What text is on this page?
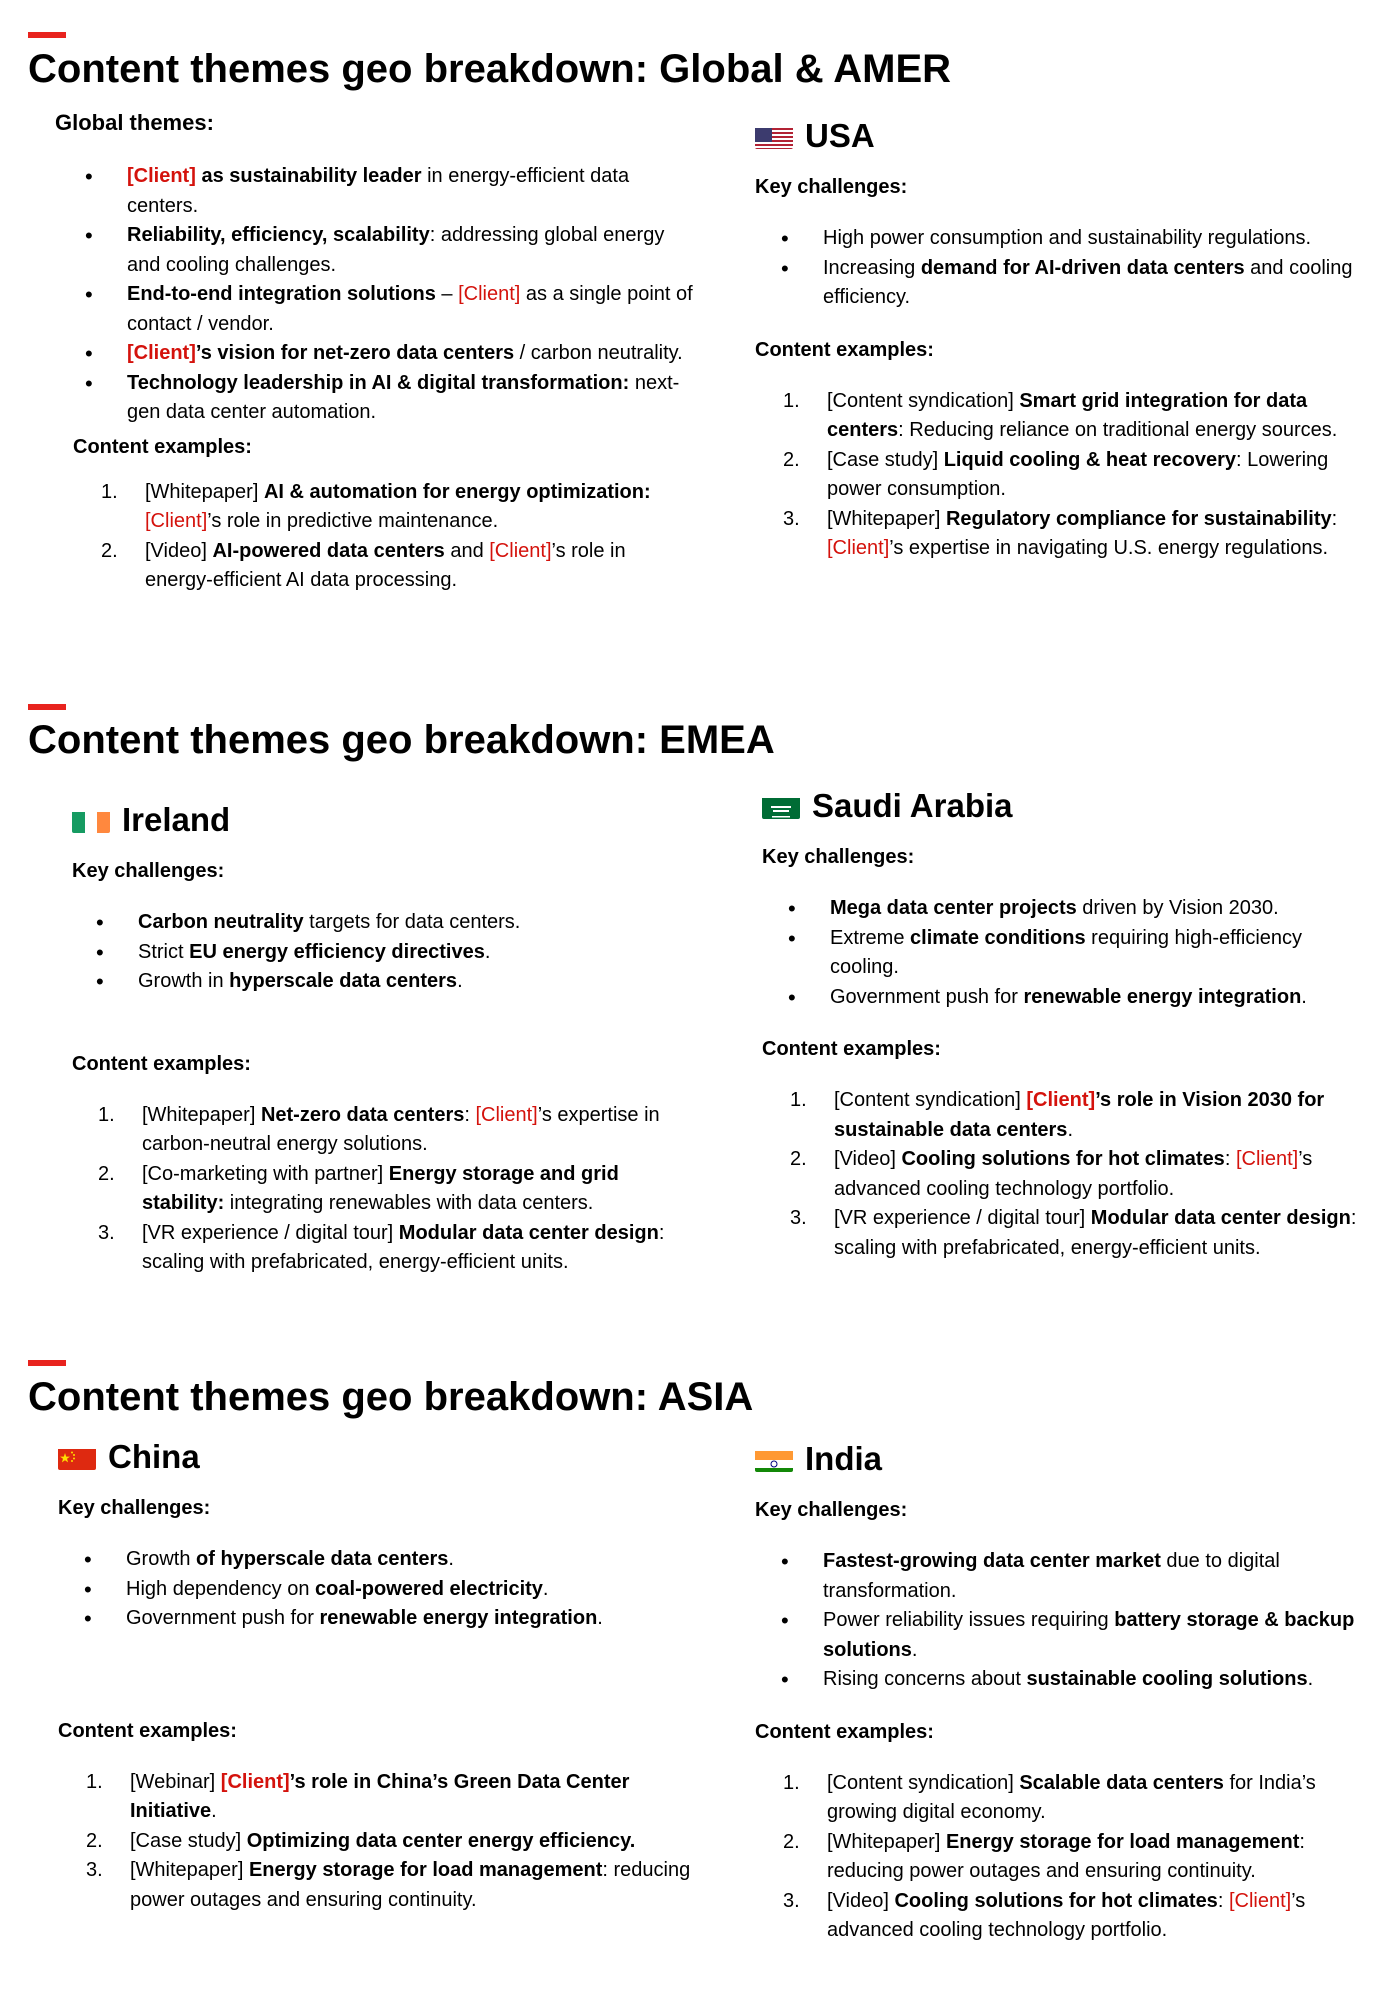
Content themes geo breakdown: Global & AMER

Global themes:

• [Client] as sustainability leader in energy-efficient data centers.
• Reliability, efficiency, scalability: addressing global energy and cooling challenges.
• End-to-end integration solutions – [Client] as a single point of contact / vendor.
• [Client]’s vision for net-zero data centers / carbon neutrality.
• Technology leadership in AI & digital transformation: next-gen data center automation.

Content examples:

1. [Whitepaper] AI & automation for energy optimization: [Client]’s role in predictive maintenance.
2. [Video] AI-powered data centers and [Client]’s role in energy-efficient AI data processing.

USA

Key challenges:

• High power consumption and sustainability regulations.
• Increasing demand for AI-driven data centers and cooling efficiency.

Content examples:

1. [Content syndication] Smart grid integration for data centers: Reducing reliance on traditional energy sources.
2. [Case study] Liquid cooling & heat recovery: Lowering power consumption.
3. [Whitepaper] Regulatory compliance for sustainability: [Client]’s expertise in navigating U.S. energy regulations.
Content themes geo breakdown: EMEA

Ireland

Key challenges:

• Carbon neutrality targets for data centers.
• Strict EU energy efficiency directives.
• Growth in hyperscale data centers.

Content examples:

1. [Whitepaper] Net-zero data centers: [Client]’s expertise in carbon-neutral energy solutions.
2. [Co-marketing with partner] Energy storage and grid stability: integrating renewables with data centers.
3. [VR experience / digital tour] Modular data center design: scaling with prefabricated, energy-efficient units.

Saudi Arabia

Key challenges:

• Mega data center projects driven by Vision 2030.
• Extreme climate conditions requiring high-efficiency cooling.
• Government push for renewable energy integration.

Content examples:

1. [Content syndication] [Client]’s role in Vision 2030 for sustainable data centers.
2. [Video] Cooling solutions for hot climates: [Client]’s advanced cooling technology portfolio.
3. [VR experience / digital tour] Modular data center design: scaling with prefabricated, energy-efficient units.
Content themes geo breakdown: ASIA

China

Key challenges:

• Growth of hyperscale data centers.
• High dependency on coal-powered electricity.
• Government push for renewable energy integration.

Content examples:

1. [Webinar] [Client]’s role in China’s Green Data Center Initiative.
2. [Case study] Optimizing data center energy efficiency.
3. [Whitepaper] Energy storage for load management: reducing power outages and ensuring continuity.

India

Key challenges:

• Fastest-growing data center market due to digital transformation.
• Power reliability issues requiring battery storage & backup solutions.
• Rising concerns about sustainable cooling solutions.

Content examples:

1. [Content syndication] Scalable data centers for India’s growing digital economy.
2. [Whitepaper] Energy storage for load management: reducing power outages and ensuring continuity.
3. [Video] Cooling solutions for hot climates: [Client]’s advanced cooling technology portfolio.
